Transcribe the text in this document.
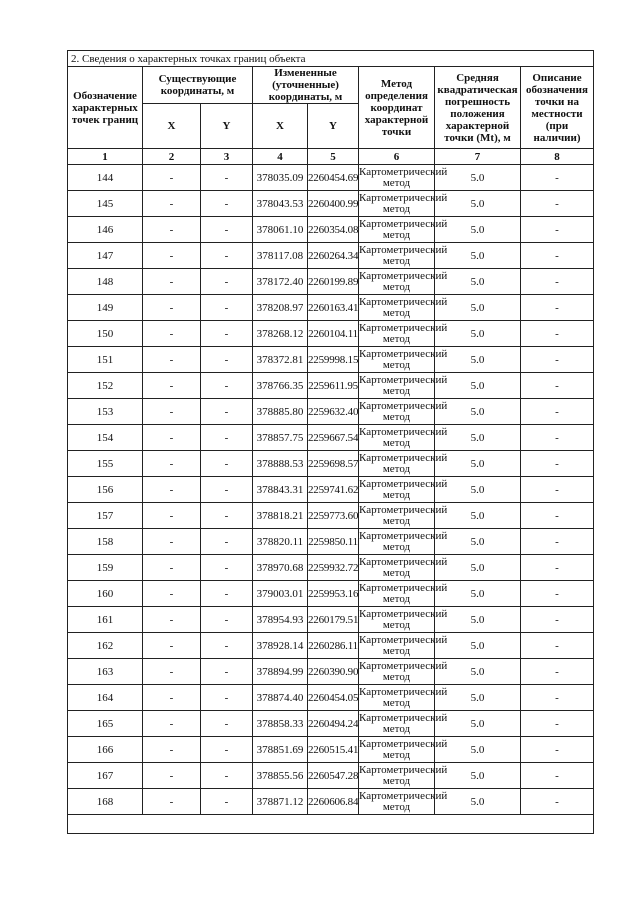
2. Сведения о характерных точках границ объекта							
Обозначение характерных точек границ	Существующие координаты, м		Измененные (уточненные) координаты, м		Метод определения координат характерной точки	Средняя квадратическая погрешность положения характерной точки (Mt), м	Описание обозначения точки на местности (при наличии)
	X	Y	X	Y			
1	2	3	4	5	6	7	8
144	-	-	378035.09	2260454.69	Картометрический метод	5.0	-
145	-	-	378043.53	2260400.99	Картометрический метод	5.0	-
146	-	-	378061.10	2260354.08	Картометрический метод	5.0	-
147	-	-	378117.08	2260264.34	Картометрический метод	5.0	-
148	-	-	378172.40	2260199.89	Картометрический метод	5.0	-
149	-	-	378208.97	2260163.41	Картометрический метод	5.0	-
150	-	-	378268.12	2260104.11	Картометрический метод	5.0	-
151	-	-	378372.81	2259998.15	Картометрический метод	5.0	-
152	-	-	378766.35	2259611.95	Картометрический метод	5.0	-
153	-	-	378885.80	2259632.40	Картометрический метод	5.0	-
154	-	-	378857.75	2259667.54	Картометрический метод	5.0	-
155	-	-	378888.53	2259698.57	Картометрический метод	5.0	-
156	-	-	378843.31	2259741.62	Картометрический метод	5.0	-
157	-	-	378818.21	2259773.60	Картометрический метод	5.0	-
158	-	-	378820.11	2259850.11	Картометрический метод	5.0	-
159	-	-	378970.68	2259932.72	Картометрический метод	5.0	-
160	-	-	379003.01	2259953.16	Картометрический метод	5.0	-
161	-	-	378954.93	2260179.51	Картометрический метод	5.0	-
162	-	-	378928.14	2260286.11	Картометрический метод	5.0	-
163	-	-	378894.99	2260390.90	Картометрический метод	5.0	-
164	-	-	378874.40	2260454.05	Картометрический метод	5.0	-
165	-	-	378858.33	2260494.24	Картометрический метод	5.0	-
166	-	-	378851.69	2260515.41	Картометрический метод	5.0	-
167	-	-	378855.56	2260547.28	Картометрический метод	5.0	-
168	-	-	378871.12	2260606.84	Картометрический метод	5.0	-
